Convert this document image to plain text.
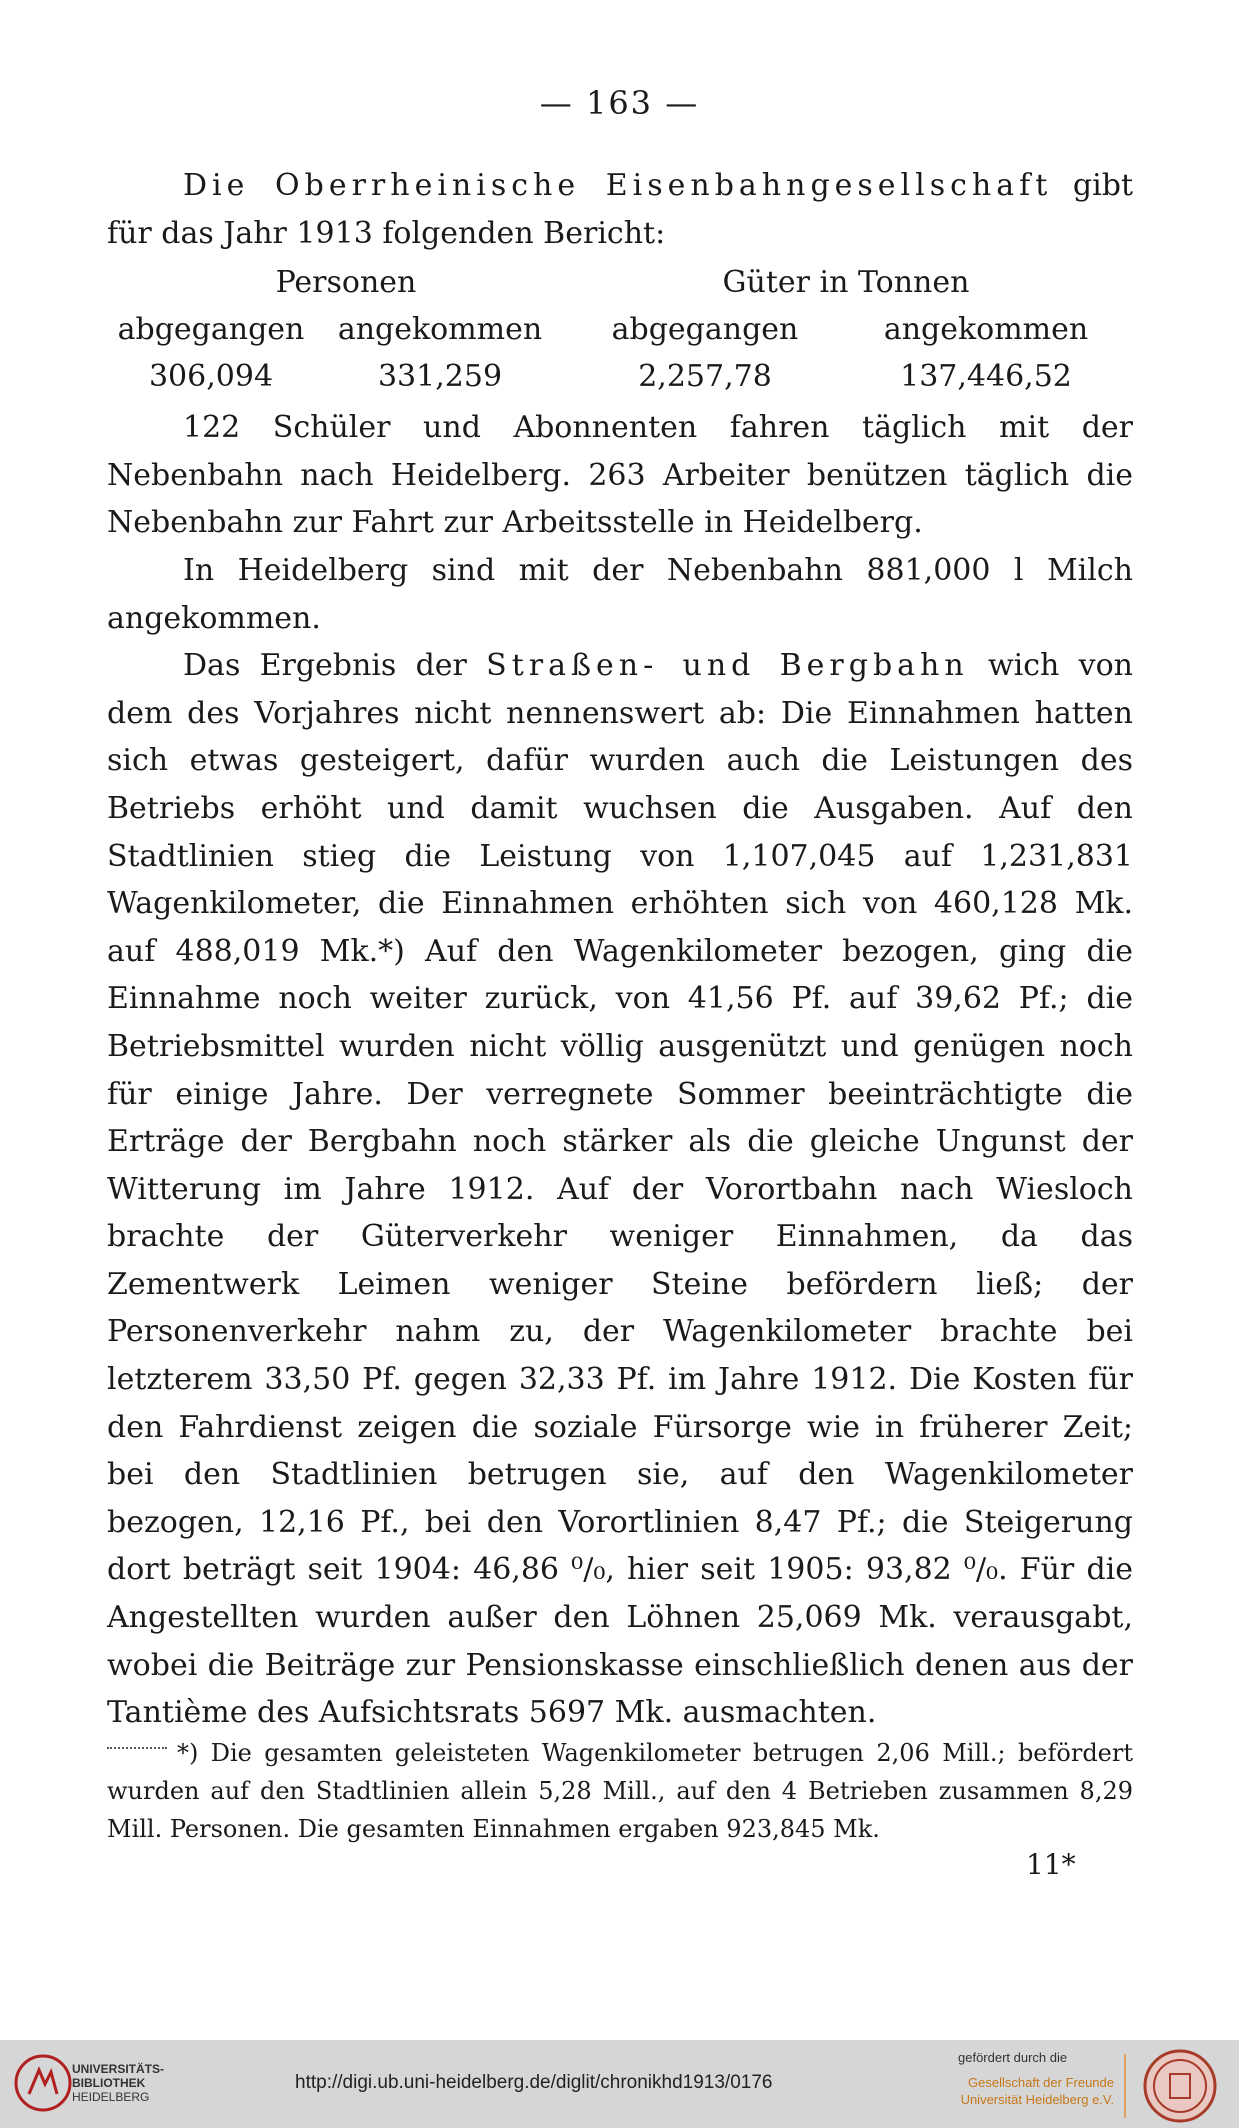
— 163 —

Die Oberrheinische Eisenbahngesellschaft gibt für das Jahr 1913 folgenden Bericht:

Personen	Güter in Tonnen
abgegangen	angekommen	abgegangen	angekommen
306,094	331,259	2,257,78	137,446,52

122 Schüler und Abonnenten fahren täglich mit der Nebenbahn nach Heidelberg. 263 Arbeiter benützen täglich die Nebenbahn zur Fahrt zur Arbeitsstelle in Heidelberg.

In Heidelberg sind mit der Nebenbahn 881,000 l Milch angekommen.

Das Ergebnis der Straßen- und Bergbahn wich von dem des Vorjahres nicht nennenswert ab: Die Einnahmen hatten sich etwas gesteigert, dafür wurden auch die Leistungen des Betriebs erhöht und damit wuchsen die Ausgaben. Auf den Stadtlinien stieg die Leistung von 1,107,045 auf 1,231,831 Wagenkilometer, die Einnahmen erhöhten sich von 460,128 Mk. auf 488,019 Mk.*) Auf den Wagenkilometer bezogen, ging die Einnahme noch weiter zurück, von 41,56 Pf. auf 39,62 Pf.; die Betriebsmittel wurden nicht völlig ausgenützt und genügen noch für einige Jahre. Der verregnete Sommer beeinträchtigte die Erträge der Bergbahn noch stärker als die gleiche Ungunst der Witterung im Jahre 1912. Auf der Vorortbahn nach Wiesloch brachte der Güterverkehr weniger Einnahmen, da das Zementwerk Leimen weniger Steine befördern ließ; der Personenverkehr nahm zu, der Wagenkilometer brachte bei letzterem 33,50 Pf. gegen 32,33 Pf. im Jahre 1912. Die Kosten für den Fahrdienst zeigen die soziale Fürsorge wie in früherer Zeit; bei den Stadtlinien betrugen sie, auf den Wagenkilometer bezogen, 12,16 Pf., bei den Vorortlinien 8,47 Pf.; die Steigerung dort beträgt seit 1904: 46,86 ⁰/₀, hier seit 1905: 93,82 ⁰/₀. Für die Angestellten wurden außer den Löhnen 25,069 Mk. verausgabt, wobei die Beiträge zur Pensionskasse einschließlich denen aus der Tantième des Aufsichtsrats 5697 Mk. ausmachten.

*) Die gesamten geleisteten Wagenkilometer betrugen 2,06 Mill.; befördert wurden auf den Stadtlinien allein 5,28 Mill., auf den 4 Betrieben zusammen 8,29 Mill. Personen. Die gesamten Einnahmen ergaben 923,845 Mk.

11*
UNIVERSITÄTS-
BIBLIOTHEK
HEIDELBERG
http://digi.ub.uni-heidelberg.de/diglit/chronikhd1913/0176
gefördert durch die
Gesellschaft der Freunde
Universität Heidelberg e.V.
